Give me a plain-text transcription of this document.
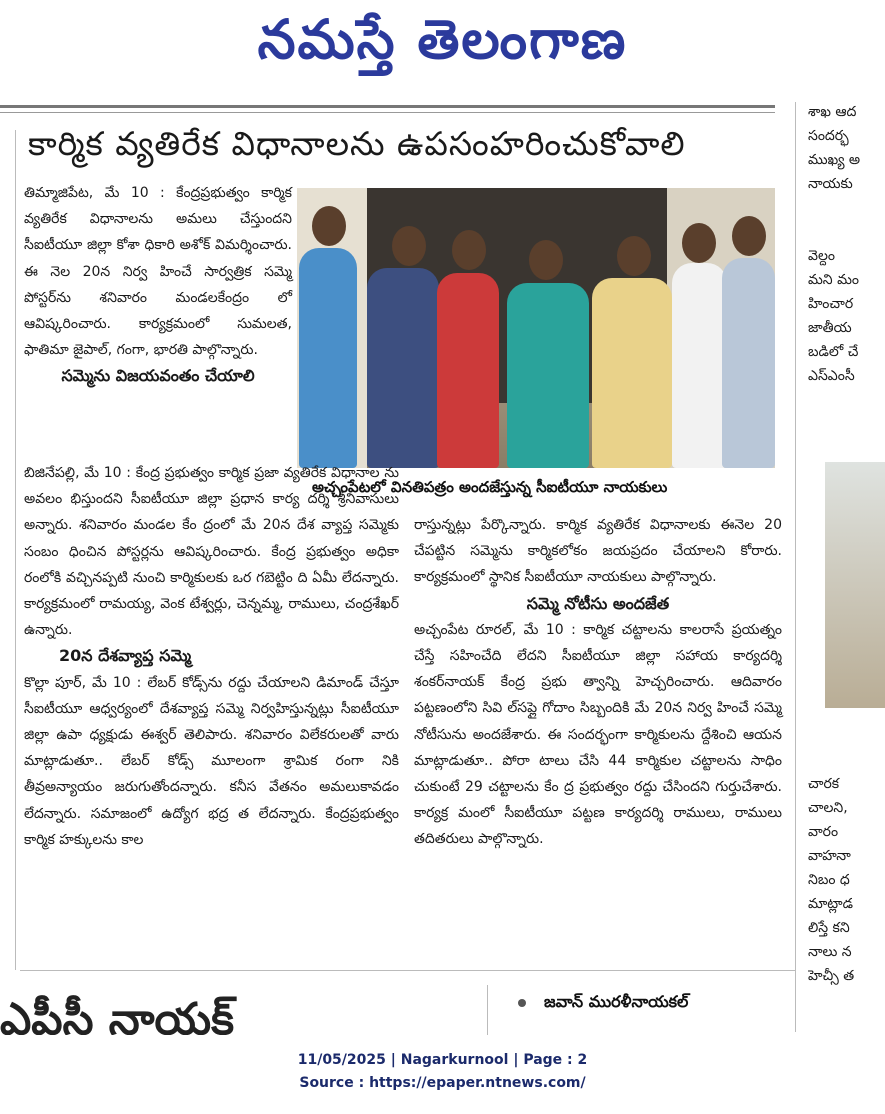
నమస్తే తెలంగాణ
కార్మిక వ్యతిరేక విధానాలను ఉపసంహరించుకోవాలి
అచ్చంపేటలో వినతిపత్రం అందజేస్తున్న సీఐటీయూ నాయకులు

తిమ్మాజిపేట, మే 10 : కేంద్రప్రభుత్వం కార్మిక వ్యతిరేక విధానాలను అమలు చేస్తుందని సీఐటీయూ జిల్లా కోశా ధికారి అశోక్ విమర్శించారు. ఈ నెల 20న నిర్వ హించే సార్వత్రిక సమ్మె పోస్టర్‌ను శనివారం మండలకేంద్రం లో ఆవిష్కరించారు. కార్యక్రమంలో సుమలత, ఫాతిమా జైపాల్, గంగా, భారతి పాల్గొన్నారు.

సమ్మెను విజయవంతం చేయాలి

బిజినేపల్లి, మే 10 : కేంద్ర ప్రభుత్వం కార్మిక ప్రజా వ్యతిరేక విధానాల ను అవలం భిస్తుందని సీఐటీయూ జిల్లా ప్రధాన కార్య దర్శి శ్రీనివాసులు అన్నారు. శనివారం మండల కేం ద్రంలో మే 20న దేశ వ్యాప్త సమ్మెకు సంబం ధించిన పోస్టర్లను ఆవిష్కరించారు. కేంద్ర ప్రభుత్వం అధికా రంలోకి వచ్చినప్పటి నుంచి కార్మికులకు ఒర గబెట్టిం ది ఏమీ లేదన్నారు. కార్యక్రమంలో రామయ్య, వెంక టేశ్వర్లు, చెన్నమ్మ, రాములు, చంద్రశేఖర్ ఉన్నారు.

20న దేశవ్యాప్త సమ్మె

కొల్లా పూర్, మే 10 : లేబర్ కోడ్స్‌ను రద్దు చేయాలని డిమాండ్ చేస్తూ సీఐటీయూ ఆధ్వర్యంలో దేశవ్యాప్త సమ్మె నిర్వహిస్తున్నట్లు సీఐటీయూ జిల్లా ఉపా ధ్యక్షుడు ఈశ్వర్ తెలిపారు. శనివారం విలేకరులతో వారు మాట్లాడుతూ.. లేబర్ కోడ్స్ మూలంగా శ్రామిక రంగా నికి తీవ్రఅన్యాయం జరుగుతోందన్నారు. కనీస వేతనం అమలుకావడం లేదన్నారు. సమాజంలో ఉద్యోగ భద్ర త లేదన్నారు. కేంద్రప్రభుత్వం కార్మిక హక్కులను కాల

రాస్తున్నట్లు పేర్కొన్నారు. కార్మిక వ్యతిరేక విధానాలకు ఈనెల 20 చేపట్టిన సమ్మెను కార్మికలోకం జయప్రదం చేయాలని కోరారు. కార్యక్రమంలో స్థానిక సీఐటీయూ నాయకులు పాల్గొన్నారు.

సమ్మె నోటీసు అందజేత

అచ్చంపేట రూరల్, మే 10 : కార్మిక చట్టాలను కాలరాసే ప్రయత్నం చేస్తే సహించేది లేదని సీఐటీయూ జిల్లా సహాయ కార్యదర్శి శంకర్‌నాయక్ కేంద్ర ప్రభు త్వాన్ని హెచ్చరించారు. ఆదివారం పట్టణంలోని సివి ల్‌సప్లై గోదాం సిబ్బందికి మే 20న నిర్వ హించే సమ్మె నోటీసును అందజేశారు. ఈ సందర్భంగా కార్మికులను ద్దేశించి ఆయన మాట్లాడుతూ.. పోరా టాలు చేసి 44 కార్మికుల చట్టాలను సాధిం చుకుంటే 29 చట్టాలను కేం ద్ర ప్రభుత్వం రద్దు చేసిందని గుర్తుచేశారు. కార్యక్ర మంలో సీఐటీయూ పట్టణ కార్యదర్శి రాములు, రాములు తదితరులు పాల్గొన్నారు.

శాఖ ఆద
సందర్భ
ముఖ్య అ
నాయకు

వెల్దం
మని మం
హించార
జాతీయ
బడిలో చే
ఎస్ఎంసీ

చారక
చాలని,
వారం
వాహనా
నిబం ధ
మాట్లాడ
లిస్తే కని
నాలు న
హెచ్సీ త
ఎపీసీ నాయక్	జవాన్ మురళీనాయకల్
11/05/2025 | Nagarkurnool | Page : 2
Source : https://epaper.ntnews.com/
